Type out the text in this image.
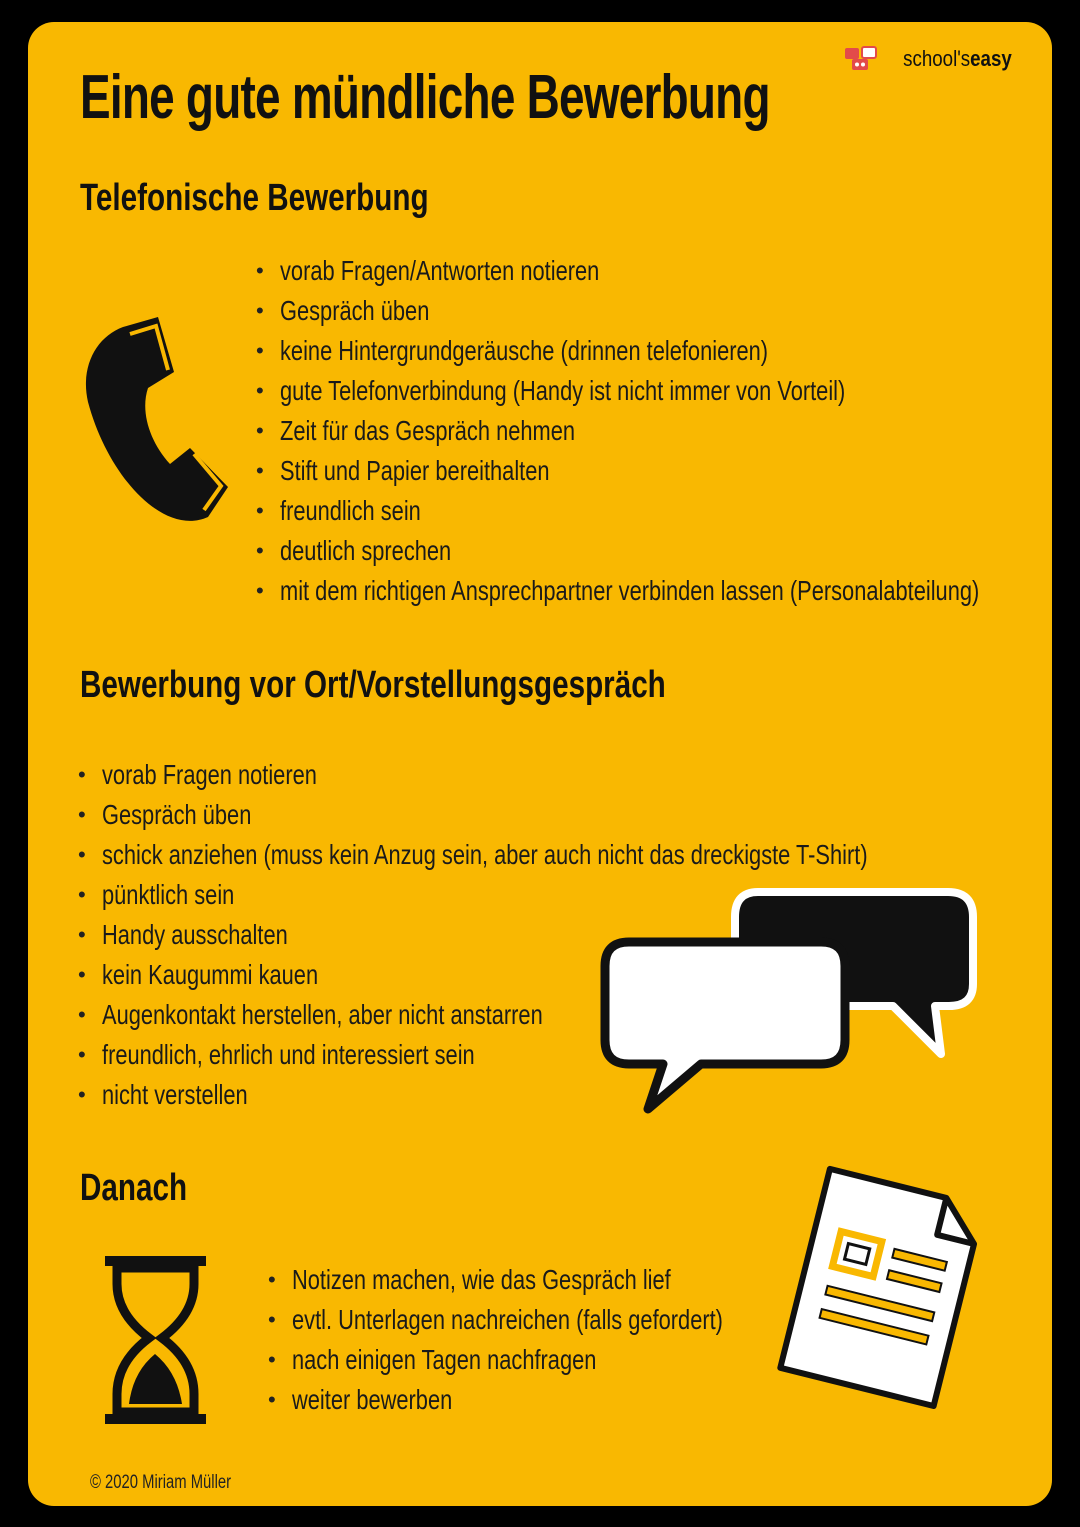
Eine gute mündliche Bewerbung
school'seasy
Telefonische Bewerbung
• vorab Fragen/Antworten notieren
• Gespräch üben
• keine Hintergrundgeräusche (drinnen telefonieren)
• gute Telefonverbindung (Handy ist nicht immer von Vorteil)
• Zeit für das Gespräch nehmen
• Stift und Papier bereithalten
• freundlich sein
• deutlich sprechen
• mit dem richtigen Ansprechpartner verbinden lassen (Personalabteilung)
Bewerbung vor Ort/Vorstellungsgespräch
• vorab Fragen notieren
• Gespräch üben
• schick anziehen (muss kein Anzug sein, aber auch nicht das dreckigste T-Shirt)
• pünktlich sein
• Handy ausschalten
• kein Kaugummi kauen
• Augenkontakt herstellen, aber nicht anstarren
• freundlich, ehrlich und interessiert sein
• nicht verstellen
Danach
• Notizen machen, wie das Gespräch lief
• evtl. Unterlagen nachreichen (falls gefordert)
• nach einigen Tagen nachfragen
• weiter bewerben
© 2020 Miriam Müller
